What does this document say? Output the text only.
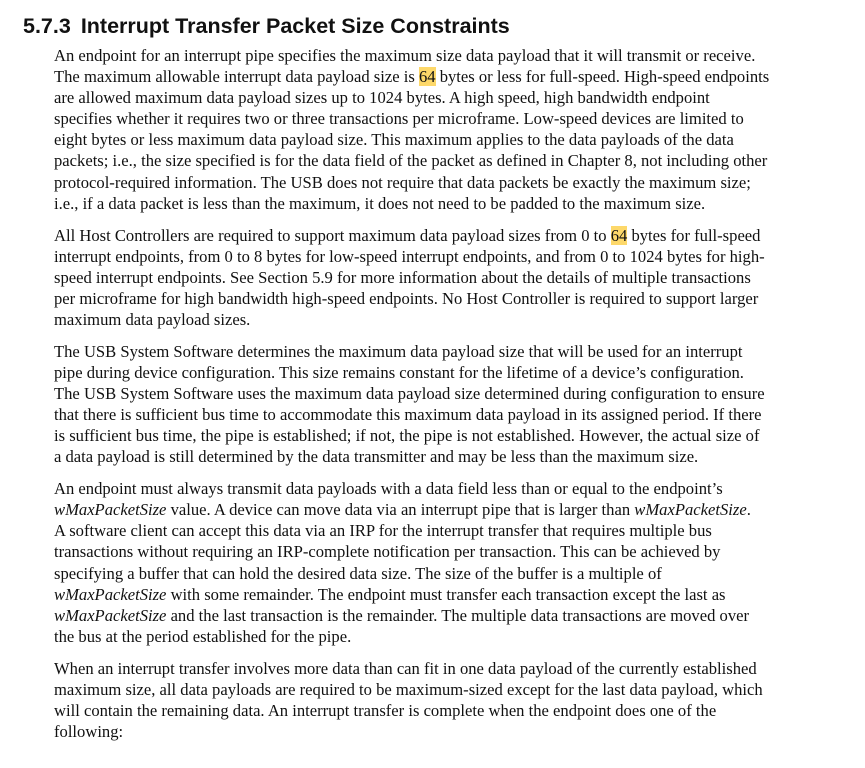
5.7.3 Interrupt Transfer Packet Size Constraints

An endpoint for an interrupt pipe specifies the maximum size data payload that it will transmit or receive.
The maximum allowable interrupt data payload size is 64 bytes or less for full-speed. High-speed endpoints
are allowed maximum data payload sizes up to 1024 bytes. A high speed, high bandwidth endpoint
specifies whether it requires two or three transactions per microframe. Low-speed devices are limited to
eight bytes or less maximum data payload size. This maximum applies to the data payloads of the data
packets; i.e., the size specified is for the data field of the packet as defined in Chapter 8, not including other
protocol-required information. The USB does not require that data packets be exactly the maximum size;
i.e., if a data packet is less than the maximum, it does not need to be padded to the maximum size.

All Host Controllers are required to support maximum data payload sizes from 0 to 64 bytes for full-speed
interrupt endpoints, from 0 to 8 bytes for low-speed interrupt endpoints, and from 0 to 1024 bytes for high-
speed interrupt endpoints. See Section 5.9 for more information about the details of multiple transactions
per microframe for high bandwidth high-speed endpoints. No Host Controller is required to support larger
maximum data payload sizes.

The USB System Software determines the maximum data payload size that will be used for an interrupt
pipe during device configuration. This size remains constant for the lifetime of a device’s configuration.
The USB System Software uses the maximum data payload size determined during configuration to ensure
that there is sufficient bus time to accommodate this maximum data payload in its assigned period. If there
is sufficient bus time, the pipe is established; if not, the pipe is not established. However, the actual size of
a data payload is still determined by the data transmitter and may be less than the maximum size.

An endpoint must always transmit data payloads with a data field less than or equal to the endpoint’s
wMaxPacketSize value. A device can move data via an interrupt pipe that is larger than wMaxPacketSize.
A software client can accept this data via an IRP for the interrupt transfer that requires multiple bus
transactions without requiring an IRP-complete notification per transaction. This can be achieved by
specifying a buffer that can hold the desired data size. The size of the buffer is a multiple of
wMaxPacketSize with some remainder. The endpoint must transfer each transaction except the last as
wMaxPacketSize and the last transaction is the remainder. The multiple data transactions are moved over
the bus at the period established for the pipe.

When an interrupt transfer involves more data than can fit in one data payload of the currently established
maximum size, all data payloads are required to be maximum-sized except for the last data payload, which
will contain the remaining data. An interrupt transfer is complete when the endpoint does one of the
following:
